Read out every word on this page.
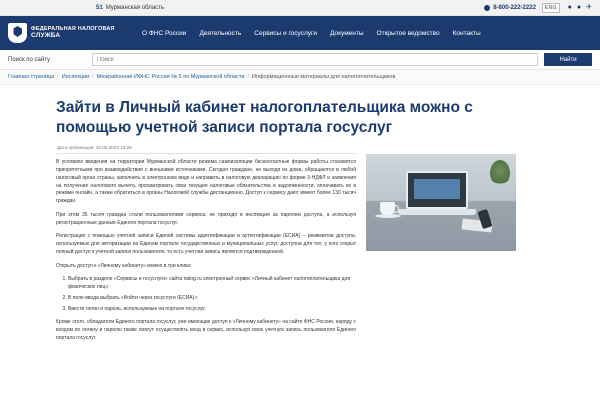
51 Мурманская область	8-800-222-2222	ENG	● ● ✈
ФЕДЕРАЛЬНАЯ НАЛОГОВАЯ
СЛУЖБА	О ФНС России Деятельность Сервисы и госуслуги Документы Открытое ведомство Контакты
Поиск по сайту
Поиск	Найти
Главная страница / Инспекции / Межрайонная ИФНС России № 5 по Мурманской области / Информационные материалы для налогоплательщиков
Зайти в Личный кабинет налогоплательщика можно с помощью учетной записи портала госуслуг
Дата публикации: 30.03.2023 10:28

В условиях введения на территории Мурманской области режима самоизоляции бесконтактные формы работы становятся приоритетными при взаимодействии с внешними источниками. Сегодня граждане, не выходя из дома, обращаются в любой налоговый орган страны, заполнить в электронном виде и направить в налоговую декларацию по форме 3-НДФЛ и заявления на получение налогового вычета, просматривать свои текущие налоговые обязательства и задолженности, оплачивать их в режиме онлайн, а также обратиться в органы Налоговой службы дистанционно. Доступ к сервису дают имеют более 130 тысяч граждан.

При этом 35 тысяч граждан стали пользователями сервиса, не приходя в инспекции за паролем доступа, а используя регистрационные данные Единого портала госуслуг.

Регистрация с помощью учетной записи Единой системы идентификации и аутентификации (ЕСИА) – реквизитов доступа, используемых для авторизации на Едином портале государственных и муниципальных услуг, доступна для тех, у кого открыт полный доступ к учетной записи пользователя, то есть учетная запись является подтвержденной.

Открыть доступ к «Личному кабинету» можно в три клика:

1. Выбрать в разделе «Сервисы и госуслуги» сайта nalog.ru электронный сервис «Личный кабинет налогоплательщика для физических лиц»;
2. В поле ввода выбрать «Войти через госуслуги (ЕСИА)»;
3. Ввести логин и пароль, используемые на портале госуслуг.

Кроме этого, обладатели Единого портала госуслуг, уже имеющие доступ к «Личному кабинету» на сайте ФНС России, наряду с входом по логину и паролю также смогут осуществлять вход в сервис, используя свою учетную запись пользователя Единого портала госуслуг.
